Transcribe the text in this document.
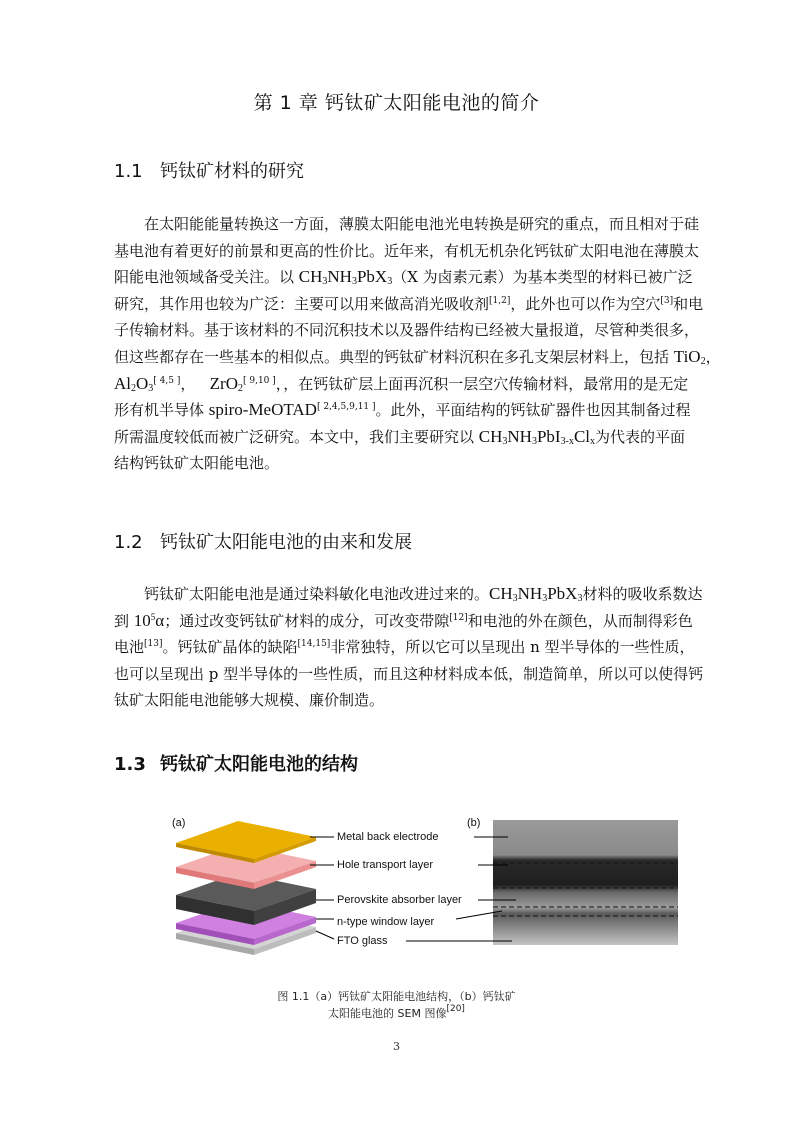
第 1 章 钙钛矿太阳能电池的简介
1.1 钙钛矿材料的研究
在太阳能能量转换这一方面，薄膜太阳能电池光电转换是研究的重点，而且相对于硅
基电池有着更好的前景和更高的性价比。近年来，有机无机杂化钙钛矿太阳电池在薄膜太
阳能电池领域备受关注。以 $CH_3NH_3PbX_3(X$ 为卤素元素）为基本类型的材料已被广泛
研究，其作用也较为广泛：主要可以用来做高消光吸收剂[1,2]，此外也可以作为空穴[3]和电
子传输材料。基于该材料的不同沉积技术以及器件结构已经被大量报道，尽管种类很多，
但这些都存在一些基本的相似点。典型的钙钛矿材料沉积在多孔支架层材料上，包括 TiO$_2$，
$Al_2O_3[ 4,5 ]$，   ZrO$_2$[ 9,10 ]，，在钙钛矿层上面再沉积一层空穴传输材料，最常用的是无定
形有机半导体 spiro-MeOTAD[ 2,4,5,9,11 ]。此外，平面结构的钙钛矿器件也因其制备过程
所需温度较低而被广泛研究。本文中，我们主要研究以 $CH_3NH_3PbI_{3-x}Cl_x$为代表的平面
结构钙钛矿太阳能电池。
1.2 钙钛矿太阳能电池的由来和发展
钙钛矿太阳能电池是通过染料敏化电池改进过来的。$CH_3NH_3PbX_3$材料的吸收系数达
到 $10^5\alpha$；通过改变钙钛矿材料的成分，可改变带隙[12]和电池的外在颜色，从而制得彩色
电池[13]。钙钛矿晶体的缺陷[14,15]非常独特，所以它可以呈现出 n 型半导体的一些性质，
也可以呈现出 p 型半导体的一些性质，而且这种材料成本低，制造简单，所以可以使得钙
钛矿太阳能电池能够大规模、廉价制造。
1.3 钙钛矿太阳能电池的结构
(a)	(b)
Metal back electrode
Hole transport layer
Perovskite absorber layer
n-type window layer
FTO glass
图 1.1（a）钙钛矿太阳能电池结构，（b）钙钛矿
太阳能电池的 SEM 图像[20]
3
